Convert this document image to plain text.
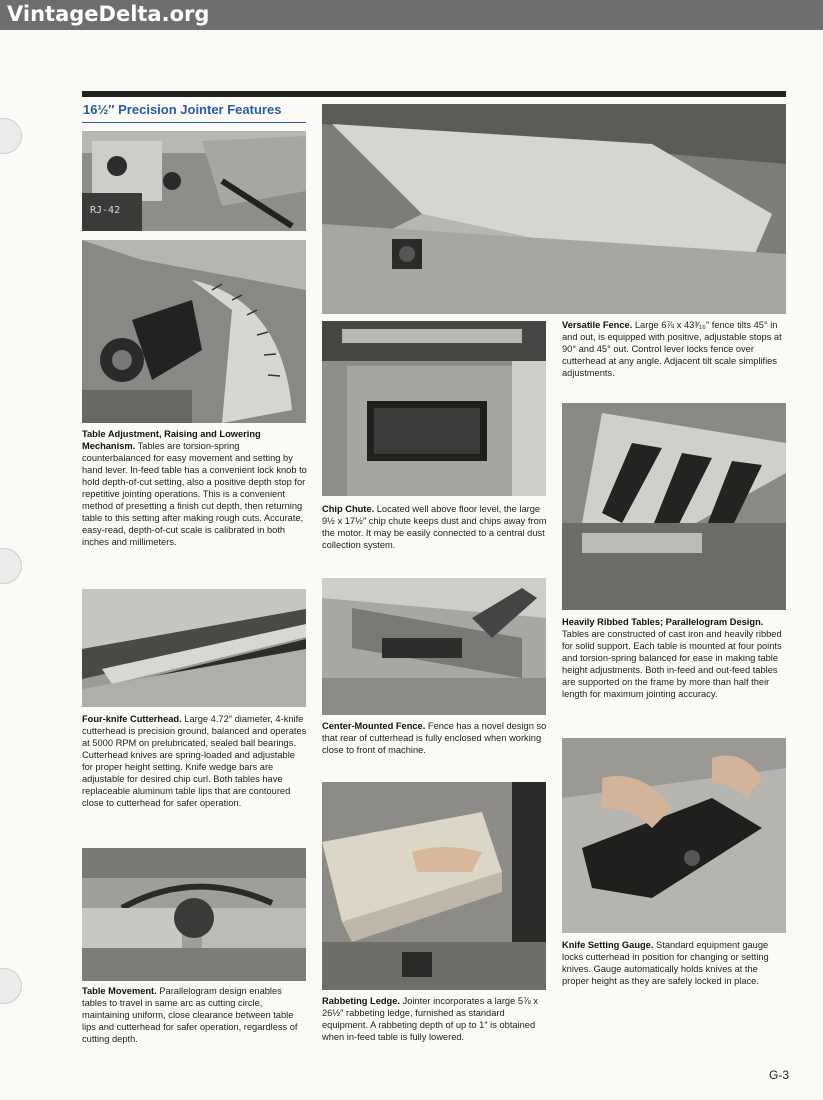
VintageDelta.org
16½″ Precision Jointer Features
RJ-42
Table Adjustment, Raising and Lowering Mechanism. Tables are torsion-spring counterbalanced for easy movement and setting by hand lever. In-feed table has a convenient lock knob to hold depth-of-cut setting, also a positive depth stop for repetitive jointing operations. This is a convenient method of presetting a finish cut depth, then returning table to this setting after making rough cuts. Accurate, easy-read, depth-of-cut scale is calibrated in both inches and millimeters.
Four-knife Cutterhead. Large 4.72″ diameter, 4-knife cutterhead is precision ground, balanced and operates at 5000 RPM on prelubricated, sealed ball bearings. Cutterhead knives are spring-loaded and adjustable for proper height setting. Knife wedge bars are adjustable for desired chip curl. Both tables have replaceable aluminum table lips that are contoured close to cutterhead for safer operation.
Table Movement. Parallelogram design enables tables to travel in same arc as cutting circle, maintaining uniform, close clearance between table lips and cutterhead for safer operation, regardless of cutting depth.
Chip Chute. Located well above floor level, the large 9½ x 17½″ chip chute keeps dust and chips away from the motor. It may be easily connected to a central dust collection system.
Center-Mounted Fence. Fence has a novel design so that rear of cutterhead is fully enclosed when working close to front of machine.
Rabbeting Ledge. Jointer incorporates a large 5⅞ x 26½″ rabbeting ledge, furnished as standard equipment. A rabbeting depth of up to 1″ is obtained when in-feed table is fully lowered.
Versatile Fence. Large 6⅞ x 43³⁄₁₆″ fence tilts 45° in and out, is equipped with positive, adjustable stops at 90° and 45° out. Control lever locks fence over cutterhead at any angle. Adjacent tilt scale simplifies adjustments.
Heavily Ribbed Tables; Parallelogram Design. Tables are constructed of cast iron and heavily ribbed for solid support. Each table is mounted at four points and torsion-spring balanced for ease in making table height adjustments. Both in-feed and out-feed tables are supported on the frame by more than half their length for maximum jointing accuracy.
Knife Setting Gauge. Standard equipment gauge locks cutterhead in position for changing or setting knives. Gauge automatically holds knives at the proper height as they are safely locked in place.
G-3
